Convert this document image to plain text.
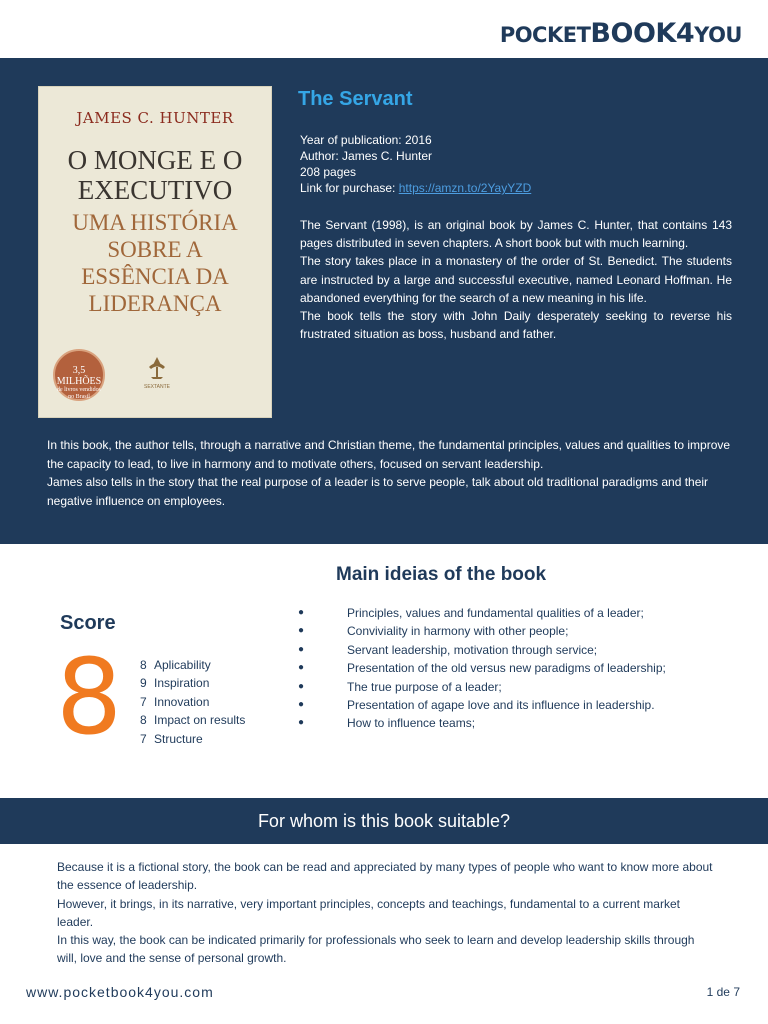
POCKETBOOK4YOU
JAMES C. HUNTER
O MONGE E O
EXECUTIVO
UMA HISTÓRIA
SOBRE A
ESSÊNCIA DA
LIDERANÇA
3,5 MILHÕES
de livros vendidos
no Brasil
SEXTANTE
The Servant
Year of publication: 2016
Author: James C. Hunter
208 pages
Link for purchase: https://amzn.to/2YayYZD

The Servant (1998), is an original book by James C. Hunter, that contains 143 pages distributed in seven chapters. A short book but with much learning.

The story takes place in a monastery of the order of St. Benedict. The students are instructed by a large and successful executive, named Leonard Hoffman. He abandoned everything for the search of a new meaning in his life.

The book tells the story with John Daily desperately seeking to reverse his frustrated situation as boss, husband and father.

In this book, the author tells, through a narrative and Christian theme, the fundamental principles, values and qualities to improve the capacity to lead, to live in harmony and to motivate others, focused on servant leadership.

James also tells in the story that the real purpose of a leader is to serve people, talk about old traditional paradigms and their negative influence on employees.

Main ideias of the book
Score
8 8 Aplicability
9 Inspiration
7 Innovation
8 Impact on results
7 Structure
●	Principles, values and fundamental qualities of a leader;
●	Conviviality in harmony with other people;
●	Servant leadership, motivation through service;
●	Presentation of the old versus new paradigms of leadership;
●	The true purpose of a leader;
●	Presentation of agape love and its influence in leadership.
●	How to influence teams;
For whom is this book suitable?

Because it is a fictional story, the book can be read and appreciated by many types of people who want to know more about the essence of leadership.

However, it brings, in its narrative, very important principles, concepts and teachings, fundamental to a current market leader.

In this way, the book can be indicated primarily for professionals who seek to learn and develop leadership skills through will, love and the sense of personal growth.

www.pocketbook4you.com	1 de 7
